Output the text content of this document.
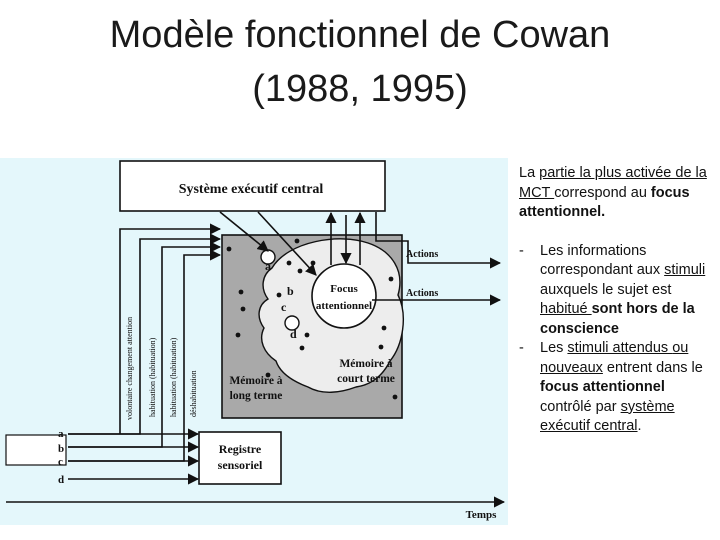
Modèle fonctionnel de Cowan
(1988, 1995)
Système exécutif central
Focus
attentionnel
a
b
c
d
Mémoire à
court terme
Mémoire à
long terme
Actions
Actions
Registre
sensoriel
a
b
c
d
volontaire changement attention habituation (habituation) habituation (habituation) déshabituation
Temps

La partie la plus activée de la MCT correspond au focus attentionnel.

- Les informations correspondant aux stimuli auxquels le sujet est habitué sont hors de la conscience
- Les stimuli attendus ou nouveaux entrent dans le focus attentionnel contrôlé par système exécutif central.
